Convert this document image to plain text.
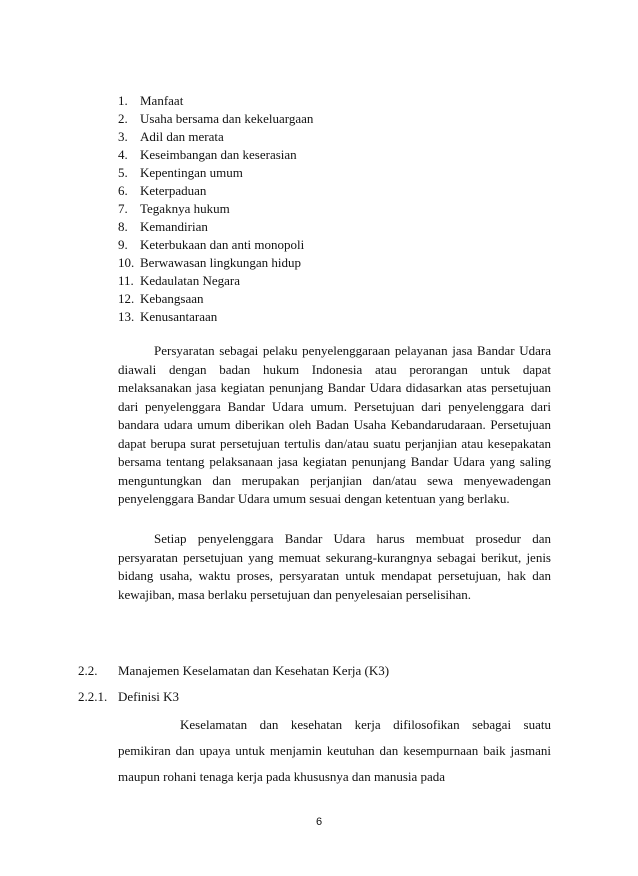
1. Manfaat
2. Usaha bersama dan kekeluargaan
3. Adil dan merata
4. Keseimbangan dan keserasian
5. Kepentingan umum
6. Keterpaduan
7. Tegaknya hukum
8. Kemandirian
9. Keterbukaan dan anti monopoli
10. Berwawasan lingkungan hidup
11. Kedaulatan Negara
12. Kebangsaan
13. Kenusantaraan

Persyaratan sebagai pelaku penyelenggaraan pelayanan jasa Bandar Udara diawali dengan badan hukum Indonesia atau perorangan untuk dapat melaksanakan jasa kegiatan penunjang Bandar Udara didasarkan atas persetujuan dari penyelenggara Bandar Udara umum. Persetujuan dari penyelenggara dari bandara udara umum diberikan oleh Badan Usaha Kebandarudaraan. Persetujuan dapat berupa surat persetujuan tertulis dan/atau suatu perjanjian atau kesepakatan bersama tentang pelaksanaan jasa kegiatan penunjang Bandar Udara yang saling menguntungkan dan merupakan perjanjian dan/atau sewa menyewadengan penyelenggara Bandar Udara umum sesuai dengan ketentuan yang berlaku.

Setiap penyelenggara Bandar Udara harus membuat prosedur dan persyaratan persetujuan yang memuat sekurang-kurangnya sebagai berikut, jenis bidang usaha, waktu proses, persyaratan untuk mendapat persetujuan, hak dan kewajiban, masa berlaku persetujuan dan penyelesaian perselisihan.

2.2. Manajemen Keselamatan dan Kesehatan Kerja (K3)
2.2.1. Definisi K3

Keselamatan dan kesehatan kerja difilosofikan sebagai suatu pemikiran dan upaya untuk menjamin keutuhan dan kesempurnaan baik jasmani maupun rohani tenaga kerja pada khususnya dan manusia pada

6
